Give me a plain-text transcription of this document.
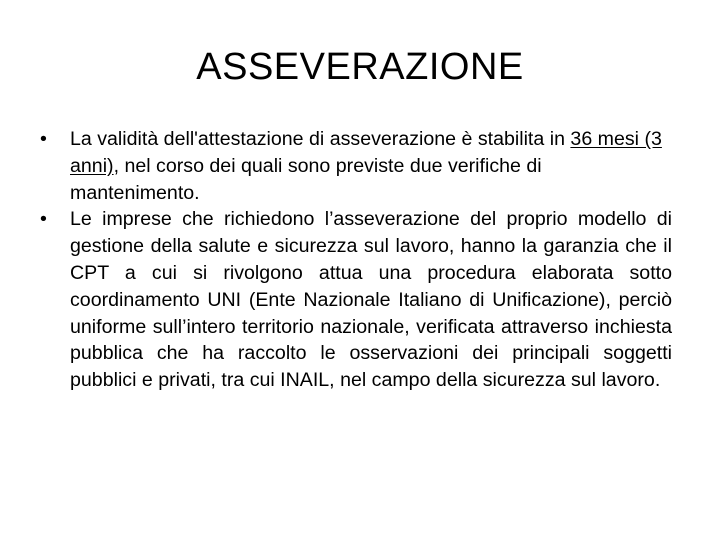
ASSEVERAZIONE
•	La validità dell'attestazione di asseverazione è stabilita in 36 mesi (3 anni), nel corso dei quali sono previste due verifiche di mantenimento.
•	Le imprese che richiedono l’asseverazione del proprio modello di gestione della salute e sicurezza sul lavoro, hanno la garanzia che il CPT a cui si rivolgono attua una procedura elaborata sotto coordinamento UNI (Ente Nazionale Italiano di Unificazione), perciò uniforme sull’intero territorio nazionale, verificata attraverso inchiesta pubblica che ha raccolto le osservazioni dei principali soggetti pubblici e privati, tra cui INAIL, nel campo della sicurezza sul lavoro.
